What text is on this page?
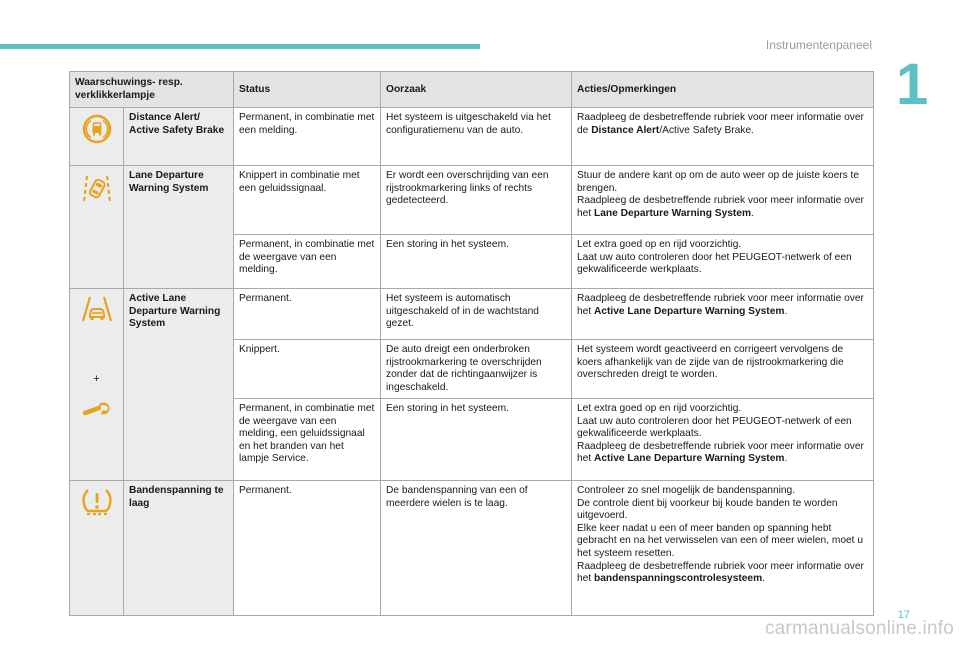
Instrumentenpaneel
1
Waarschuwings- resp. verklikkerlampje		Status	Oorzaak	Acties/Opmerkingen

	Distance Alert/ Active Safety Brake	Permanent, in combinatie met een melding.	Het systeem is uitgeschakeld via het configuratiemenu van de auto.	Raadpleeg de desbetreffende rubriek voor meer informatie over de Distance Alert/Active Safety Brake.

	Lane Departure Warning System	Knippert in combinatie met een geluidssignaal.	Er wordt een overschrijding van een rijstrookmarkering links of rechts gedetecteerd.	Stuur de andere kant op om de auto weer op de juiste koers te brengen.
Raadpleeg de desbetreffende rubriek voor meer informatie over het Lane Departure Warning System.
		Permanent, in combinatie met de weergave van een melding.	Een storing in het systeem.	Let extra goed op en rijd voorzichtig.
Laat uw auto controleren door het PEUGEOT-netwerk of een gekwalificeerde werkplaats.

+	Active Lane Departure Warning System	Permanent.	Het systeem is automatisch uitgeschakeld of in de wachtstand gezet.	Raadpleeg de desbetreffende rubriek voor meer informatie over het Active Lane Departure Warning System.
		Knippert.	De auto dreigt een onderbroken rijstrookmarkering te overschrijden zonder dat de richtingaanwijzer is ingeschakeld.	Het systeem wordt geactiveerd en corrigeert vervolgens de koers afhankelijk van de zijde van de rijstrookmarkering die overschreden dreigt te worden.
		Permanent, in combinatie met de weergave van een melding, een geluidssignaal en het branden van het lampje Service.	Een storing in het systeem.	Let extra goed op en rijd voorzichtig.
Laat uw auto controleren door het PEUGEOT-netwerk of een gekwalificeerde werkplaats.
Raadpleeg de desbetreffende rubriek voor meer informatie over het Active Lane Departure Warning System.

	Bandenspanning te laag	Permanent.	De bandenspanning van een of meerdere wielen is te laag.	Controleer zo snel mogelijk de bandenspanning.
De controle dient bij voorkeur bij koude banden te worden uitgevoerd.
Elke keer nadat u een of meer banden op spanning hebt gebracht en na het verwisselen van een of meer wielen, moet u het systeem resetten.
Raadpleeg de desbetreffende rubriek voor meer informatie over het bandenspanningscontrolesysteem.
17
carmanualsonline.info
